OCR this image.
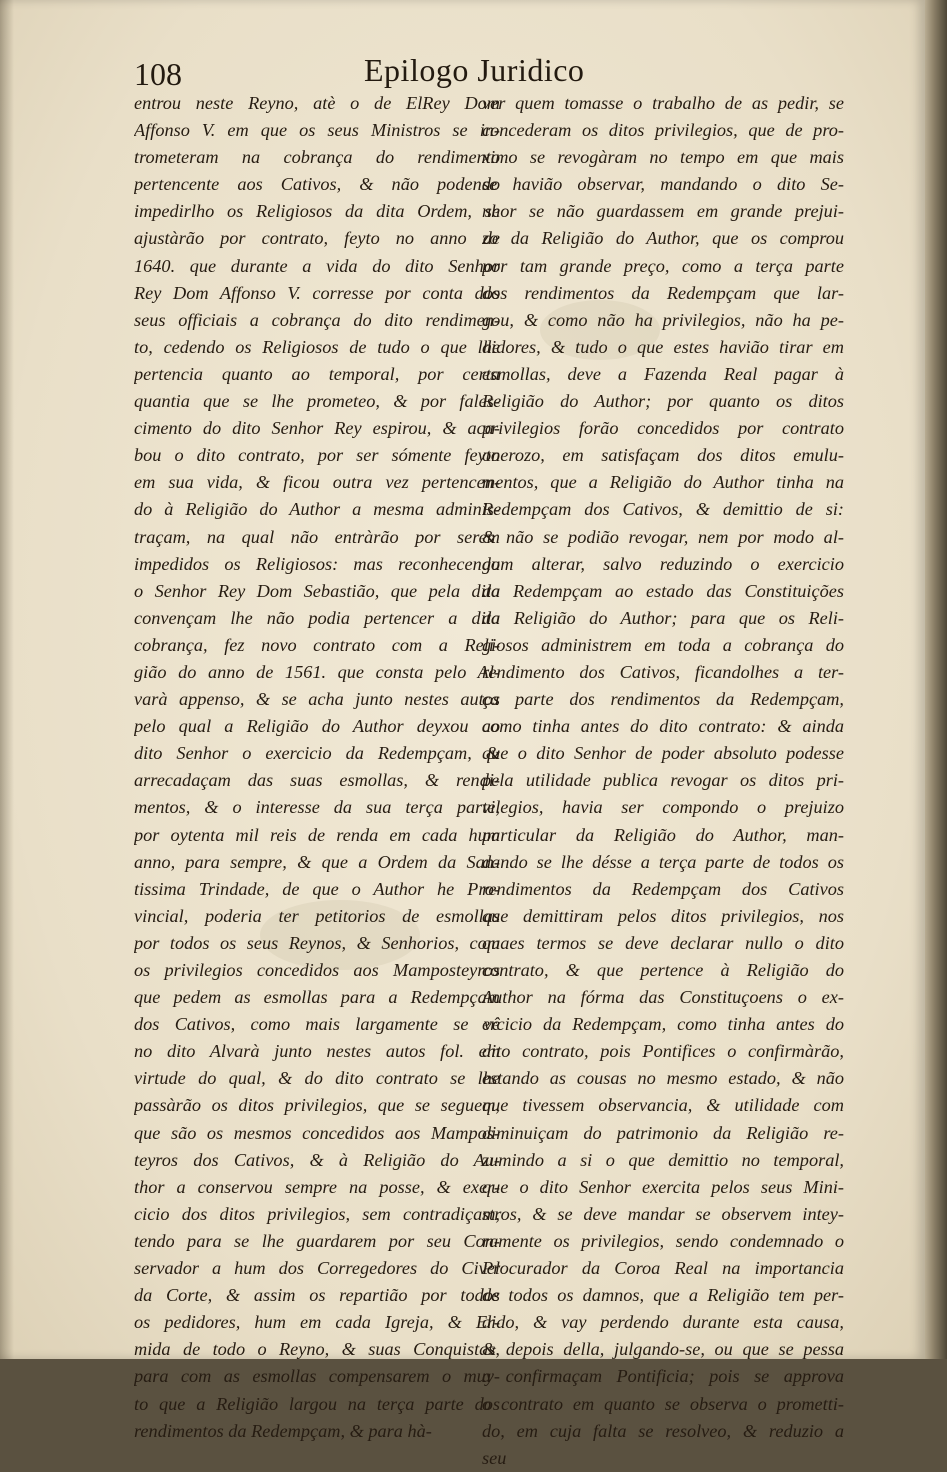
108	Epilogo Juridico
entrou neste Reyno, atè o de ElRey Dom
Affonso V. em que os seus Ministros se in-
trometeram na cobrança do rendimento
pertencente aos Cativos, & não podendo
impedirlho os Religiosos da dita Ordem, se
ajustàrão por contrato, feyto no anno de
1640. que durante a vida do dito Senhor
Rey Dom Affonso V. corresse por conta dos
seus officiais a cobrança do dito rendimen-
to, cedendo os Religiosos de tudo o que lhe
pertencia quanto ao temporal, por certa
quantia que se lhe prometeo, & por fales-
cimento do dito Senhor Rey espirou, & aca-
bou o dito contrato, por ser sómente feyto
em sua vida, & ficou outra vez pertencen-
do à Religião do Author a mesma adminis-
traçam, na qual não entràrão por serem
impedidos os Religiosos: mas reconhecendo
o Senhor Rey Dom Sebastião, que pela dita
convençam lhe não podia pertencer a dita
cobrança, fez novo contrato com a Reli-
gião do anno de 1561. que consta pelo Al-
varà appenso, & se acha junto nestes autos
pelo qual a Religião do Author deyxou ao
dito Senhor o exercicio da Redempçam, &
arrecadaçam das suas esmollas, & rendi-
mentos, & o interesse da sua terça parte,
por oytenta mil reis de renda em cada hum
anno, para sempre, & que a Ordem da San-
tissima Trindade, de que o Author he Pro-
vincial, poderia ter petitorios de esmollas
por todos os seus Reynos, & Senhorios, com
os privilegios concedidos aos Mamposteyros
que pedem as esmollas para a Redempçam
dos Cativos, como mais largamente se vê
no dito Alvarà junto nestes autos fol. em
virtude do qual, & do dito contrato se lhe
passàrão os ditos privilegios, que se seguem,
que são os mesmos concedidos aos Mampos-
teyros dos Cativos, & à Religião do Au-
thor a conservou sempre na posse, & exer-
cicio dos ditos privilegios, sem contradiçam,
tendo para se lhe guardarem por seu Con-
servador a hum dos Corregedores do Civel
da Corte, & assim os repartião por todos
os pedidores, hum em cada Igreja, & Er-
mida de todo o Reyno, & suas Conquistas,
para com as esmollas compensarem o muy-
to que a Religião largou na terça parte dos
rendimentos da Redempçam, & para hà-
ver quem tomasse o trabalho de as pedir, se
concederam os ditos privilegios, que de pro-
ximo se revogàram no tempo em que mais
se havião observar, mandando o dito Se-
nhor se não guardassem em grande prejui-
zo da Religião do Author, que os comprou
por tam grande preço, como a terça parte
dos rendimentos da Redempçam que lar-
gou, & como não ha privilegios, não ha pe-
didores, & tudo o que estes havião tirar em
esmollas, deve a Fazenda Real pagar à
Religião do Author; por quanto os ditos
privilegios forão concedidos por contrato
onerozo, em satisfaçam dos ditos emulu-
mentos, que a Religião do Author tinha na
Redempçam dos Cativos, & demittio de si:
& não se podião revogar, nem por modo al-
gum alterar, salvo reduzindo o exercicio
da Redempçam ao estado das Constituições
da Religião do Author; para que os Reli-
giosos administrem em toda a cobrança do
rendimento dos Cativos, ficandolhes a ter-
ça parte dos rendimentos da Redempçam,
como tinha antes do dito contrato: & ainda
que o dito Senhor de poder absoluto podesse
pela utilidade publica revogar os ditos pri-
vilegios, havia ser compondo o prejuizo
particular da Religião do Author, man-
dando se lhe désse a terça parte de todos os
rendimentos da Redempçam dos Cativos
que demittiram pelos ditos privilegios, nos
quaes termos se deve declarar nullo o dito
contrato, & que pertence à Religião do
Author na fórma das Constituçoens o ex-
ercicio da Redempçam, como tinha antes do
dito contrato, pois Pontifices o confirmàrão,
estando as cousas no mesmo estado, & não
que tivessem observancia, & utilidade com
diminuiçam do patrimonio da Religião re-
zumindo a si o que demittio no temporal,
que o dito Senhor exercita pelos seus Mini-
stros, & se deve mandar se observem intey-
ramente os privilegios, sendo condemnado o
Procurador da Coroa Real na importancia
de todos os damnos, que a Religião tem per-
dido, & vay perdendo durante esta causa,
& depois della, julgando-se, ou que se pessa
a confirmaçam Pontificia; pois se approva
o contrato em quanto se observa o prometti-
do, em cuja falta se resolveo, & reduzio a
seu
